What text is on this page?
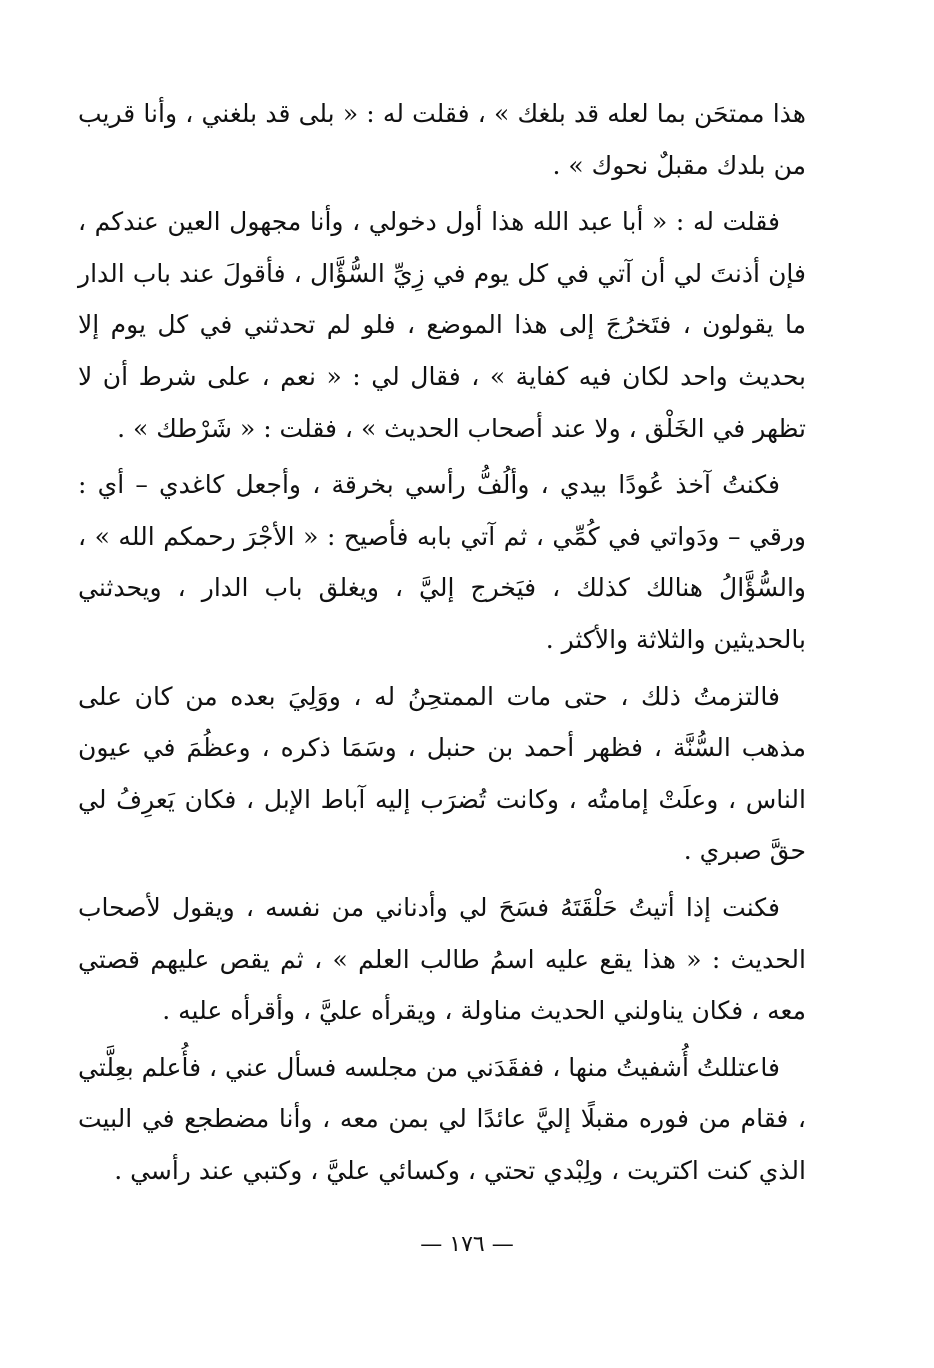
هذا ممتحَن بما لعله قد بلغك » ، فقلت له : « بلى قد بلغني ، وأنا قريب من بلدك مقبلٌ نحوك » .

فقلت له : « أبا عبد الله هذا أول دخولي ، وأنا مجهول العين عندكم ، فإن أذنتَ لي أن آتي في كل يوم في زِيِّ السُّؤَّال ، فأقولَ عند باب الدار ما يقولون ، فتَخرُجَ إلى هذا الموضع ، فلو لم تحدثني في كل يوم إلا بحديث واحد لكان فيه كفاية » ، فقال لي : « نعم ، على شرط أن لا تظهر في الخَلْق ، ولا عند أصحاب الحديث » ، فقلت : « شَرْطك » .

فكنتُ آخذ عُودًا بيدي ، وألُفُّ رأسي بخرقة ، وأجعل كاغدي – أي : ورقي – ودَواتي في كُمِّي ، ثم آتي بابه فأصيح : « الأجْرَ رحمكم الله » ، والسُّؤَّالُ هنالك كذلك ، فيَخرج إليَّ ، ويغلق باب الدار ، ويحدثني بالحديثين والثلاثة والأكثر .

فالتزمتُ ذلك ، حتى مات الممتحِنُ له ، ووَلِيَ بعده من كان على مذهب السُّنَّة ، فظهر أحمد بن حنبل ، وسَمَا ذكره ، وعظُمَ في عيون الناس ، وعلَتْ إمامتُه ، وكانت تُضرَب إليه آباط الإبل ، فكان يَعرِفُ لي حقَّ صبري .

فكنت إذا أتيتُ حَلْقَتَهُ فسَحَ لي وأدناني من نفسه ، ويقول لأصحاب الحديث : « هذا يقع عليه اسمُ طالب العلم » ، ثم يقص عليهم قصتي معه ، فكان يناولني الحديث مناولة ، ويقرأه عليَّ ، وأقرأه عليه .

فاعتللتُ أُشفيتُ منها ، ففقَدَني من مجلسه فسأل عني ، فأُعلم بعِلَّتي ، فقام من فوره مقبلًا إليَّ عائدًا لي بمن معه ، وأنا مضطجع في البيت الذي كنت اكتريت ، ولِبْدي تحتي ، وكسائي عليَّ ، وكتبي عند رأسي .

— ١٧٦ —
